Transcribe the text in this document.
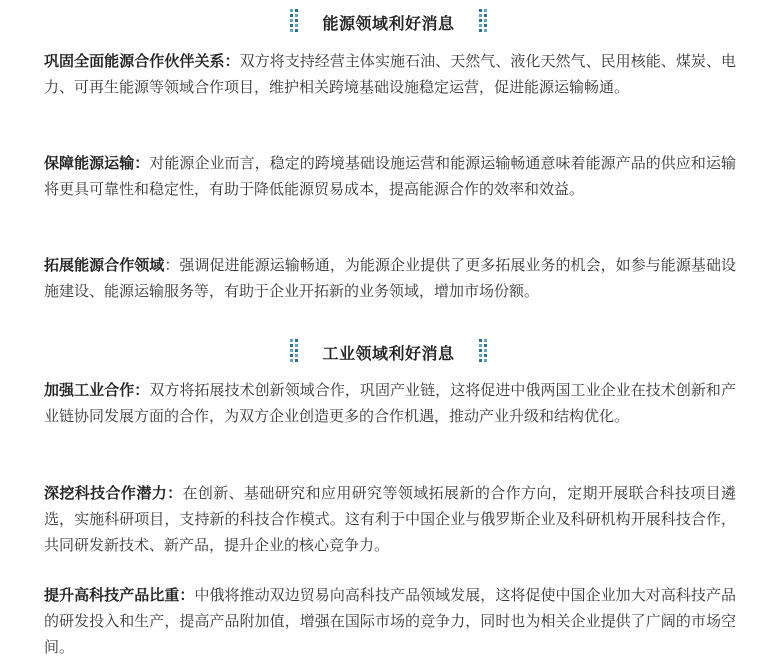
能源领域利好消息

巩固全面能源合作伙伴关系：双方将支持经营主体实施石油、天然气、液化天然气、民用核能、煤炭、电力、可再生能源等领域合作项目，维护相关跨境基础设施稳定运营，促进能源运输畅通。

保障能源运输：对能源企业而言，稳定的跨境基础设施运营和能源运输畅通意味着能源产品的供应和运输将更具可靠性和稳定性，有助于降低能源贸易成本，提高能源合作的效率和效益。

拓展能源合作领域：强调促进能源运输畅通，为能源企业提供了更多拓展业务的机会，如参与能源基础设施建设、能源运输服务等，有助于企业开拓新的业务领域，增加市场份额。

工业领域利好消息

加强工业合作：双方将拓展技术创新领域合作，巩固产业链，这将促进中俄两国工业企业在技术创新和产业链协同发展方面的合作，为双方企业创造更多的合作机遇，推动产业升级和结构优化。

深挖科技合作潜力：在创新、基础研究和应用研究等领域拓展新的合作方向，定期开展联合科技项目遴选，实施科研项目，支持新的科技合作模式。这有利于中国企业与俄罗斯企业及科研机构开展科技合作，共同研发新技术、新产品，提升企业的核心竞争力。

提升高科技产品比重：中俄将推动双边贸易向高科技产品领域发展，这将促使中国企业加大对高科技产品的研发投入和生产，提高产品附加值，增强在国际市场的竞争力，同时也为相关企业提供了广阔的市场空间。
